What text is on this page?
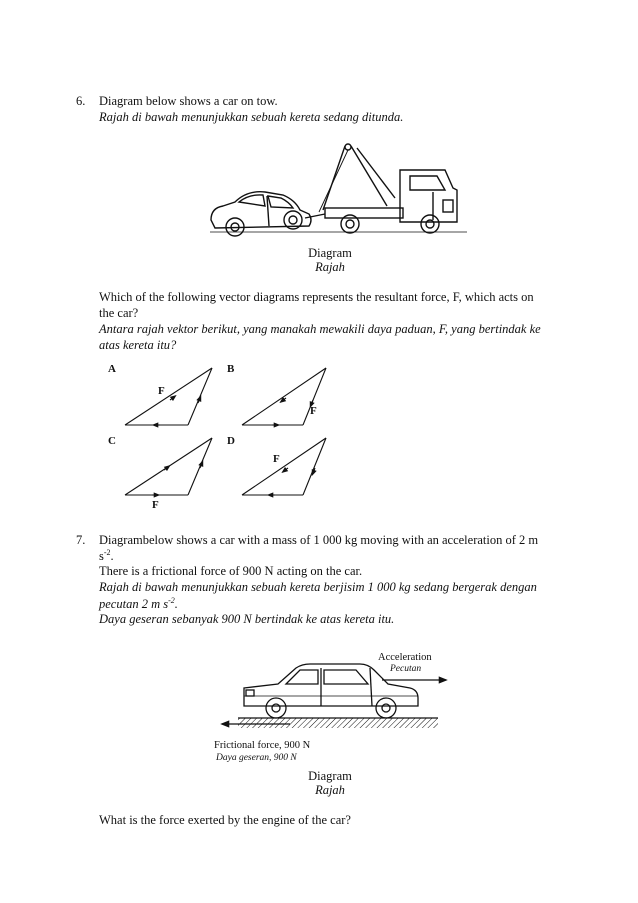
6.	Diagram below shows a car on tow.
Rajah di bawah menunjukkan sebuah kereta sedang ditunda.
Diagram
Rajah
Which of the following vector diagrams represents the resultant force, F, which acts on
the car?
Antara rajah vektor berikut, yang manakah mewakili daya paduan, F, yang bertindak ke
atas kereta itu?
A
F
B
F
C
F
D
F
7.	Diagrambelow shows a car with a mass of 1 000 kg moving with an acceleration of 2 m
$s^{-2}$.
There is a frictional force of 900 N acting on the car.
Rajah di bawah menunjukkan sebuah kereta berjisim 1 000 kg sedang bergerak dengan
pecutan 2 m $s^{-2}$.
Daya geseran sebanyak 900 N bertindak ke atas kereta itu.
Acceleration
Pecutan
Frictional force, 900 N
Daya geseran, 900 N
Diagram
Rajah
What is the force exerted by the engine of the car?
